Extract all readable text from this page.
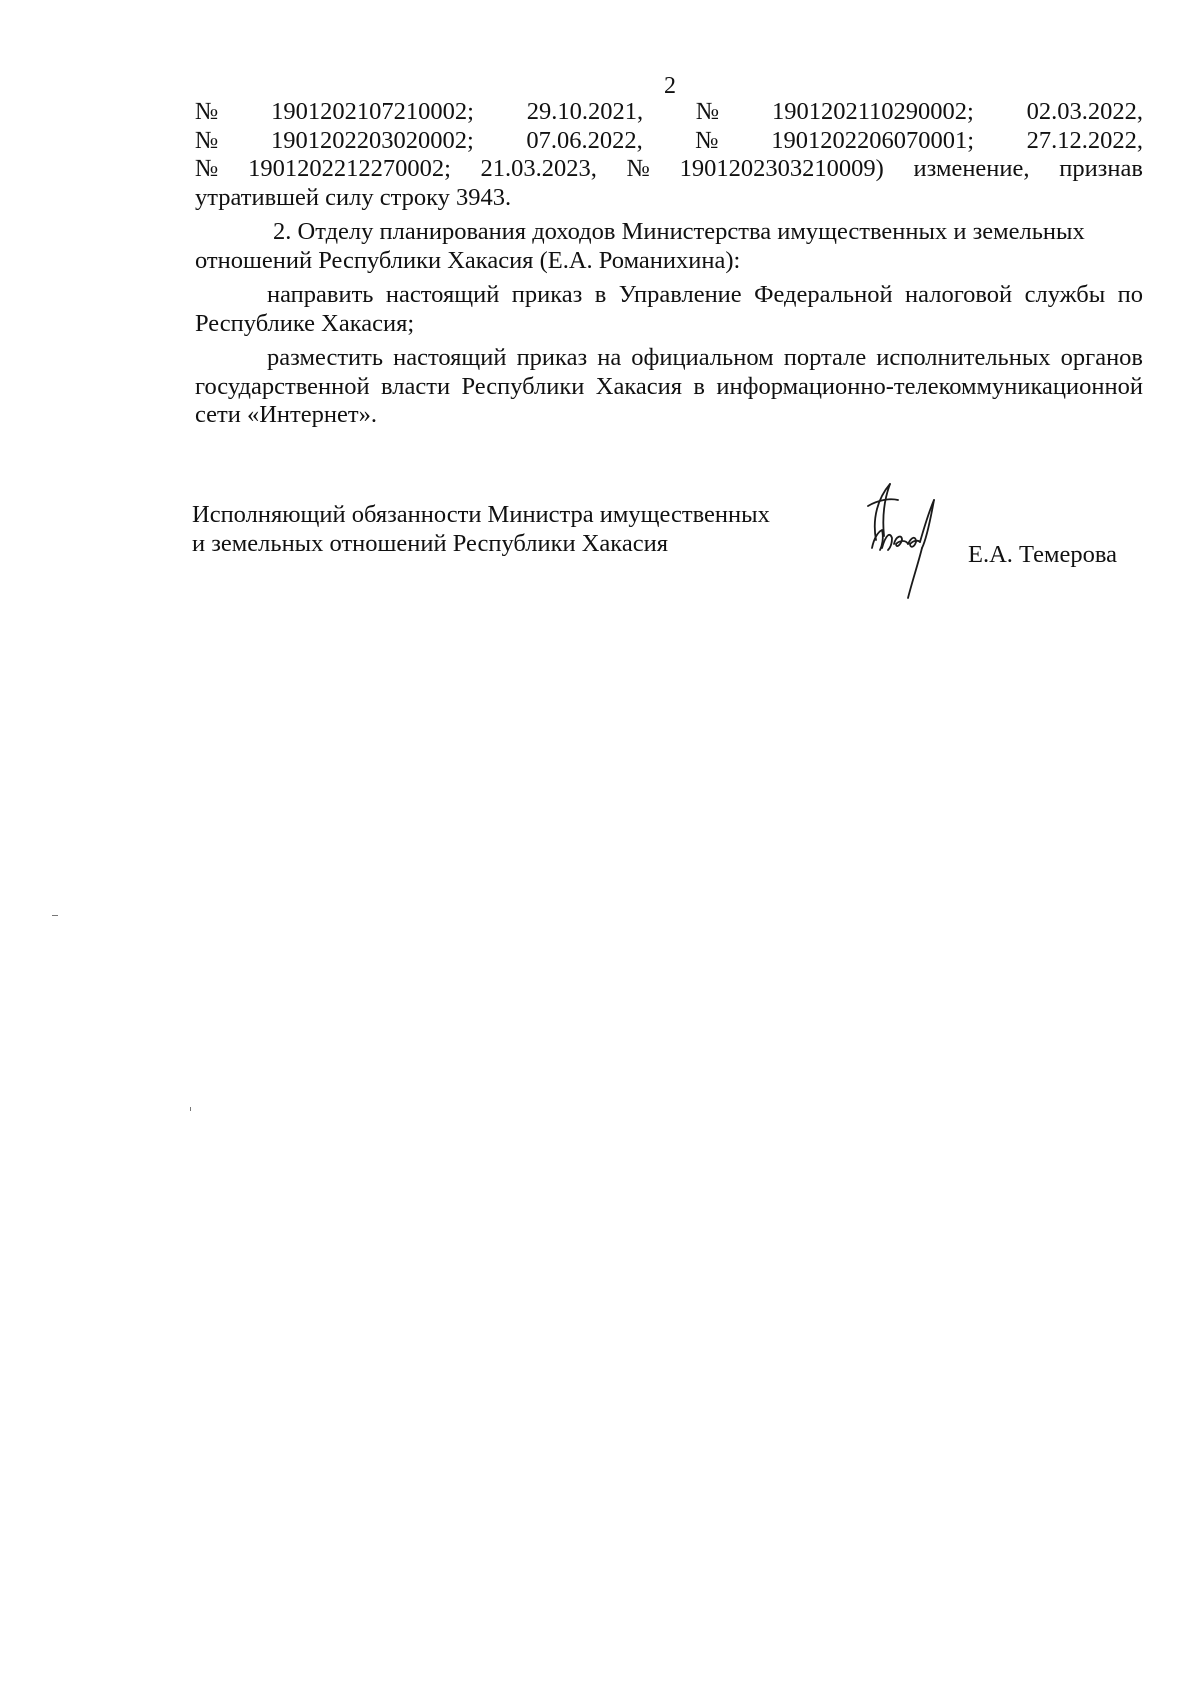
2
№ 1901202107210002; 29.10.2021, № 1901202110290002; 02.03.2022,
№ 1901202203020002; 07.06.2022, № 1901202206070001; 27.12.2022,
№ 1901202212270002; 21.03.2023, № 1901202303210009) изменение, признав
утратившей силу строку 3943.
2. Отделу планирования доходов Министерства имущественных и земельных
отношений Республики Хакасия (Е.А. Романихина):

направить настоящий приказ в Управление Федеральной налоговой службы по Республике Хакасия;

разместить настоящий приказ на официальном портале исполнительных органов государственной власти Республики Хакасия в информационно-телекоммуникационной сети «Интернет».

Исполняющий обязанности Министра имущественных
и земельных отношений Республики Хакасия	Е.А. Темерова
